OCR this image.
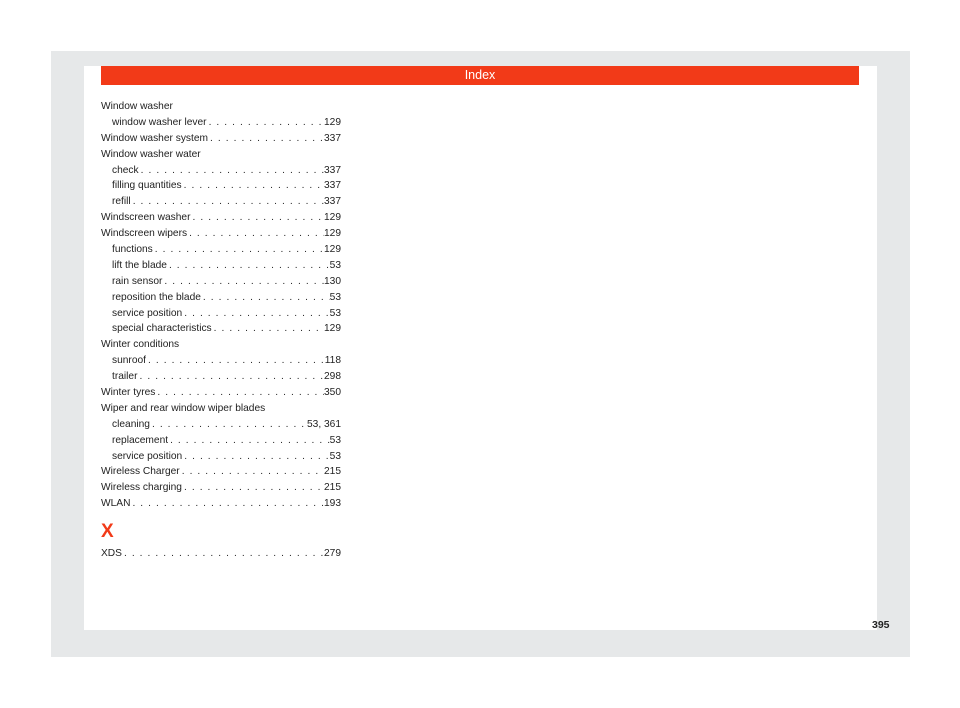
Index
Window washer
window washer lever . . .	129
Window washer system . . .	337
Window washer water
check . . .	337
filling quantities . . .	337
refill . . .	337
Windscreen washer . . .	129
Windscreen wipers . . .	129
functions . . .	129
lift the blade . . .	53
rain sensor . . .	130
reposition the blade . . .	53
service position . . .	53
special characteristics . . .	129
Winter conditions
sunroof . . .	118
trailer . . .	298
Winter tyres . . .	350
Wiper and rear window wiper blades
cleaning . . .	53, 361
replacement . . .	53
service position . . .	53
Wireless Charger . . .	215
Wireless charging . . .	215
WLAN . . .	193
X
XDS . . .	279
395
